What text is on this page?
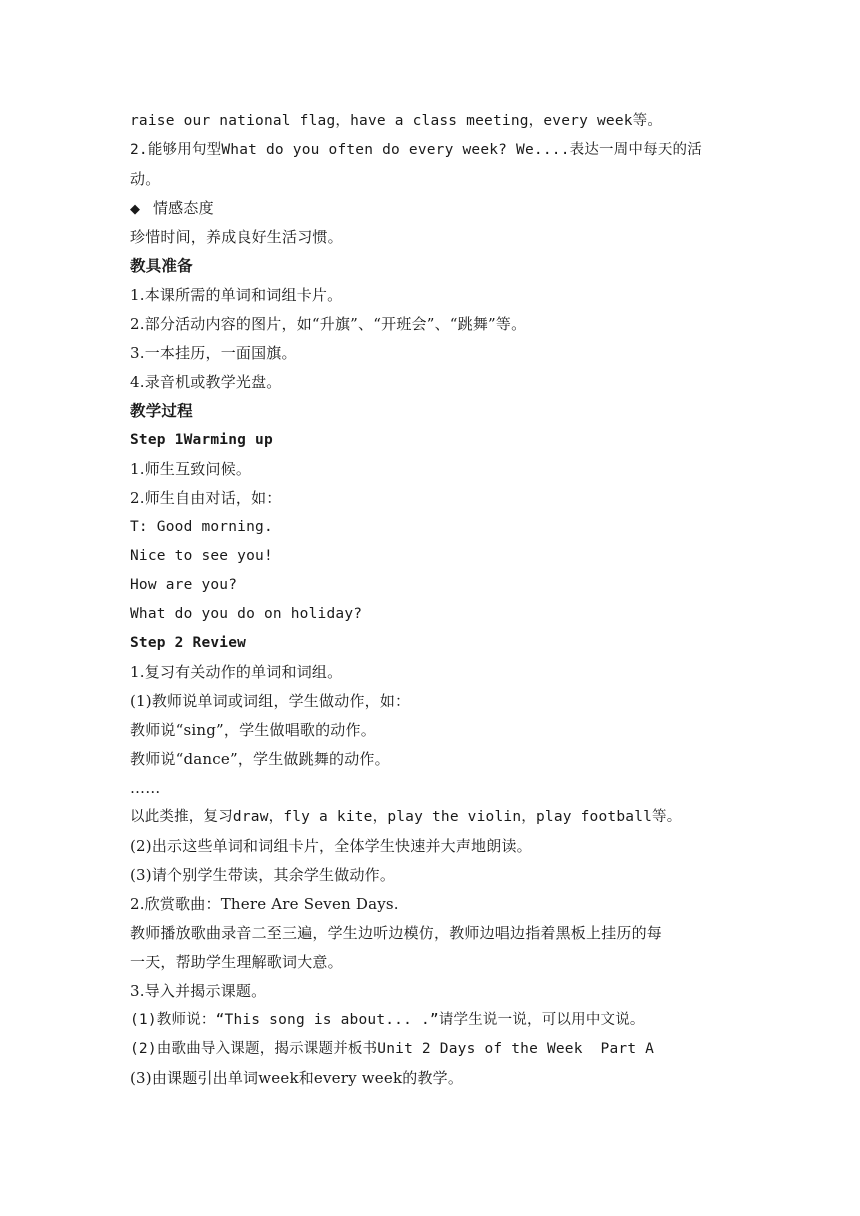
raise our national flag，have a class meeting，every week等。
2.能够用句型What do you often do every week? We....表达一周中每天的活
动。
◆ 情感态度
珍惜时间，养成良好生活习惯。
教具准备
1.本课所需的单词和词组卡片。
2.部分活动内容的图片，如“升旗”、“开班会”、“跳舞”等。
3.一本挂历，一面国旗。
4.录音机或教学光盘。
教学过程
Step 1Warming up
1.师生互致问候。
2.师生自由对话，如：
T: Good morning.
Nice to see you!
How are you?
What do you do on holiday?
Step 2 Review
1.复习有关动作的单词和词组。
(1)教师说单词或词组，学生做动作，如：
教师说“sing”，学生做唱歌的动作。
教师说“dance”，学生做跳舞的动作。
……
以此类推，复习draw，fly a kite，play the violin，play football等。
(2)出示这些单词和词组卡片，全体学生快速并大声地朗读。
(3)请个别学生带读，其余学生做动作。
2.欣赏歌曲：There Are Seven Days.
教师播放歌曲录音二至三遍，学生边听边模仿，教师边唱边指着黑板上挂历的每
一天，帮助学生理解歌词大意。
3.导入并揭示课题。
(1)教师说：“This song is about... .”请学生说一说，可以用中文说。
(2)由歌曲导入课题，揭示课题并板书Unit 2 Days of the Week  Part A
(3)由课题引出单词week和every week的教学。
